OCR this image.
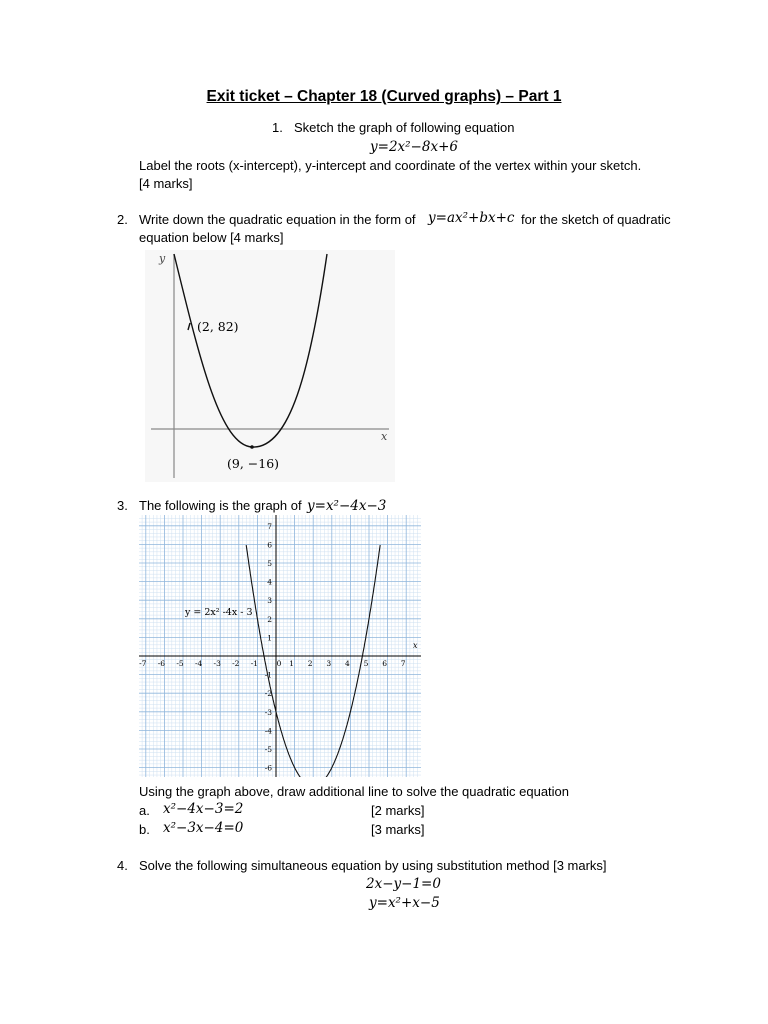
Exit ticket – Chapter 18 (Curved graphs) – Part 1
1. Sketch the graph of following equation
y=2x²−8x+6
Label the roots (x-intercept), y-intercept and coordinate of the vertex within your sketch.
[4 marks]
2. Write down the quadratic equation in the form of y=ax²+bx+c for the sketch of quadratic
equation below [4 marks]
y
x
(2, 82)
(9, −16)
3. The following is the graph of y=x²−4x−3
-7 -6 -5 -4 -3 -2 -1 0 1 2 3 4 5 6 7
7
6
5
4
3
2
1
-1
-2
-3
-4
-5
-6
y = 2x² -4x - 3
x
Using the graph above, draw additional line to solve the quadratic equation
a. x²−4x−3=2	[2 marks]
b. x²−3x−4=0	[3 marks]
4. Solve the following simultaneous equation by using substitution method [3 marks]
2x−y−1=0
y=x²+x−5
